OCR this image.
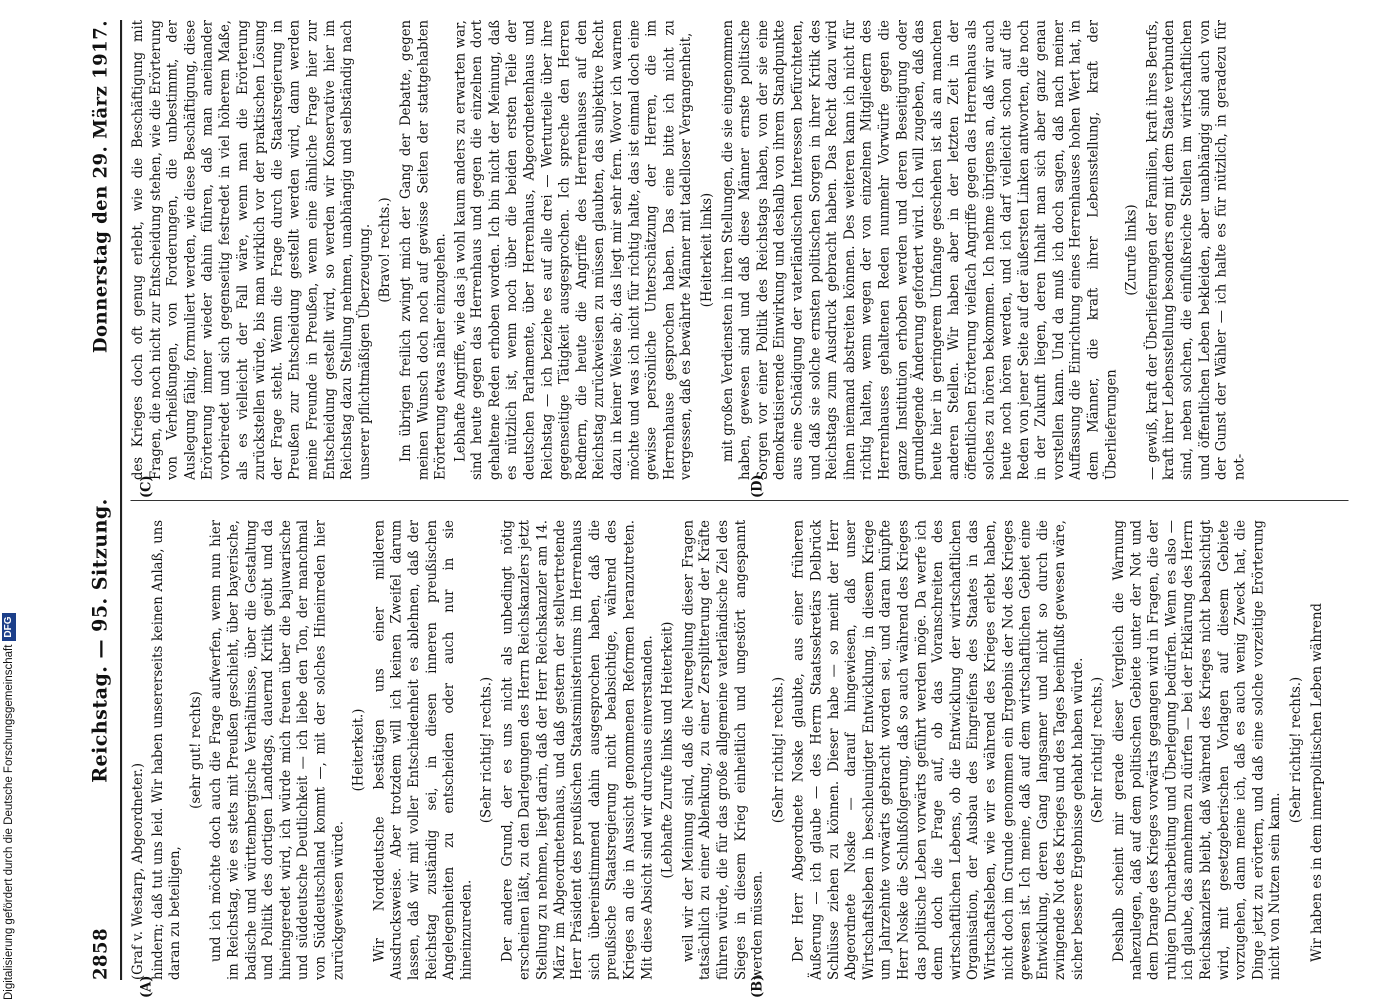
2858
Reichstag. — 95. Sitzung.
Donnerstag den 29. März 1917.

(Graf v. Westarp, Abgeordneter.) hindern; daß tut uns leid. Wir haben unsererseits keinen Anlaß, uns daran zu beteiligen,

(sehr gut! rechts) und ich möchte doch auch die Frage aufwerfen, wenn nun hier im Reichstag, wie es stets mit Preußen geschieht, über bayerische, badische und württembergische Verhältnisse, über die Gestaltung und Politik des dortigen Landtags, dauernd Kritik geübt und da hineingeredet wird, ich würde mich freuen über die bajuwarische und süddeutsche Deutlichkeit — ich liebe den Ton, der manchmal von Süddeutschland kommt —, mit der solches Hineinreden hier zurückgewiesen würde.

(Heiterkeit.) Wir Norddeutsche bestätigen uns einer milderen Ausdrucksweise. Aber trotzdem will ich keinen Zweifel darum lassen, daß wir mit voller Entschiedenheit es ablehnen, daß der Reichstag zuständig sei, in diesen inneren preußischen Angelegenheiten zu entscheiden oder auch nur in sie hineinzureden.

(Sehr richtig! rechts.) Der andere Grund, der es uns nicht als unbedingt nötig erscheinen läßt, zu den Darlegungen des Herrn Reichskanzlers jetzt Stellung zu nehmen, liegt darin, daß der Herr Reichskanzler am 14. März im Abgeordnetenhaus, und daß gestern der stellvertretende Herr Präsident des preußischen Staatsministeriums im Herrenhaus sich übereinstimmend dahin ausgesprochen haben, daß die preußische Staatsregierung nicht beabsichtige, während des Krieges an die in Aussicht genommenen Reformen heranzutreten. Mit diese Absicht sind wir durchaus einverstanden. (Lebhafte Zurufe links und Heiterkeit) weil wir der Meinung sind, daß die Neuregelung dieser Fragen tatsächlich zu einer Ablenkung, zu einer Zersplitterung der Kräfte führen würde, die für das große allgemeine vaterländische Ziel des Sieges in diesem Krieg einheitlich und ungestört angespannt werden müssen.

(Sehr richtig! rechts.) Der Herr Abgeordnete Noske glaubte, aus einer früheren Äußerung — ich glaube — des Herrn Staatssekretärs Delbrück Schlüsse ziehen zu können. Dieser habe — so meint der Herr Abgeordnete Noske — darauf hingewiesen, daß unser Wirtschaftsleben in beschleunigter Entwicklung, in diesem Kriege um Jahrzehnte vorwärts gebracht worden sei, und daran knüpfte Herr Noske die Schlußfolgerung, daß so auch während des Krieges das politische Leben vorwärts geführt werden möge. Da werfe ich denn doch die Frage auf, ob das Voranschreiten des wirtschaftlichen Lebens, ob die Entwicklung der wirtschaftlichen Organisation, der Ausbau des Eingreifens des Staates in das Wirtschaftsleben, wie wir es während des Krieges erlebt haben, nicht doch im Grunde genommen ein Ergebnis der Not des Krieges gewesen ist. Ich meine, daß auf dem wirtschaftlichen Gebiet eine Entwicklung, deren Gang langsamer und nicht so durch die zwingende Not des Krieges und des Tages beeinflußt gewesen wäre, sicher bessere Ergebnisse gehabt haben würde. (Sehr richtig! rechts.) Deshalb scheint mir gerade dieser Vergleich die Warnung nahezulegen, daß auf dem politischen Gebiete unter der Not und dem Drange des Krieges vorwärts gegangen wird in Fragen, die der ruhigen Durcharbeitung und Überlegung bedürfen. Wenn es also — ich glaube, das annehmen zu dürfen — bei der Erklärung des Herrn Reichskanzlers bleibt, daß während des Krieges nicht beabsichtigt wird, mit gesetzgeberischen Vorlagen auf diesem Gebiete vorzugehen, dann meine ich, daß es auch wenig Zweck hat, die Dinge jetzt zu erörtern, und daß eine solche vorzeitige Erörterung nicht von Nutzen sein kann.

(Sehr richtig! rechts.) Wir haben es in dem innerpolitischen Leben während

des Krieges doch oft genug erlebt, wie die Beschäftigung mit Fragen, die noch nicht zur Entscheidung stehen, wie die Erörterung von Verheißungen, von Forderungen, die unbestimmt, der Auslegung fähig, formuliert werden, wie diese Beschäftigung, diese Erörterung immer wieder dahin führen, daß man aneinander vorbeiredet und sich gegenseitig festredet in viel höherem Maße, als es vielleicht der Fall wäre, wenn man die Erörterung zurückstellen würde, bis man wirklich vor der praktischen Lösung der Frage steht. Wenn die Frage durch die Staatsregierung in Preußen zur Entscheidung gestellt werden wird, dann werden meine Freunde in Preußen, wenn eine ähnliche Frage hier zur Entscheidung gestellt wird, so werden wir Konservative hier im Reichstag dazu Stellung nehmen, unabhängig und selbständig nach unserer pflichtmäßigen Überzeugung. (Bravo! rechts.) Im übrigen freilich zwingt mich der Gang der Debatte, gegen meinen Wunsch doch noch auf gewisse Seiten der stattgehabten Erörterung etwas näher einzugehen. Lebhafte Angriffe, wie das ja wohl kaum anders zu erwarten war, sind heute gegen das Herrenhaus und gegen die einzelnen dort gehaltene Reden erhoben worden. Ich bin nicht der Meinung, daß es nützlich ist, wenn noch über die beiden ersten Teile der deutschen Parlamente, über Herrenhaus, Abgeordnetenhaus und Reichstag — ich beziehe es auf alle drei — Werturteile über ihre gegenseitige Tätigkeit ausgesprochen. Ich spreche den Herren Rednern, die heute die Angriffe des Herrenhauses auf den Reichstag zurückweisen zu müssen glaubten, das subjektive Recht dazu in keiner Weise ab; das liegt mir sehr fern. Wovor ich warnen möchte und was ich nicht für richtig halte, das ist einmal doch eine gewisse persönliche Unterschätzung der Herren, die im Herrenhause gesprochen haben. Das eine bitte ich nicht zu vergessen, daß es bewährte Männer mit tadelloser Vergangenheit, (Heiterkeit links) mit großen Verdiensten in ihren Stellungen, die sie eingenommen haben, gewesen sind und daß diese Männer ernste politische Sorgen vor einer Politik des Reichstags haben, von der sie eine demokratisierende Einwirkung und deshalb von ihrem Standpunkte aus eine Schädigung der vaterländischen Interessen befürchteten, und daß sie solche ernsten politischen Sorgen in ihrer Kritik des Reichstags zum Ausdruck gebracht haben. Das Recht dazu wird ihnen niemand abstreiten können. Des weiteren kann ich nicht für richtig halten, wenn wegen der von einzelnen Mitgliedern des Herrenhauses gehaltenen Reden nunmehr Vorwürfe gegen die ganze Institution erhoben werden und deren Beseitigung oder grundlegende Änderung gefordert wird. Ich will zugeben, daß das heute hier in geringerem Umfange geschehen ist als an manchen anderen Stellen. Wir haben aber in der letzten Zeit in der öffentlichen Erörterung vielfach Angriffe gegen das Herrenhaus als solches zu hören bekommen. Ich nehme übrigens an, daß wir auch heute noch hören werden, und ich darf vielleicht schon auf die Reden von jener Seite auf der äußersten Linken antworten, die noch in der Zukunft liegen, deren Inhalt man sich aber ganz genau vorstellen kann. Und da muß ich doch sagen, daß nach meiner Auffassung die Einrichtung eines Herrenhauses hohen Wert hat, in dem Männer, die kraft ihrer Lebensstellung, kraft der Überlieferungen

(Zurufe links) — gewiß, kraft der Überlieferungen der Familien, kraft ihres Berufs, kraft ihrer Lebensstellung besonders eng mit dem Staate verbunden sind, neben solchen, die einflußreiche Stellen im wirtschaftlichen und öffentlichen Leben bekleiden, aber unabhängig sind auch von der Gunst der Wähler — ich halte es für nützlich, in geradezu für not-

(A)	(B)
(C)	(D)
Digitalisierung gefördert durch die Deutsche Forschungsgemeinschaft
DFG
